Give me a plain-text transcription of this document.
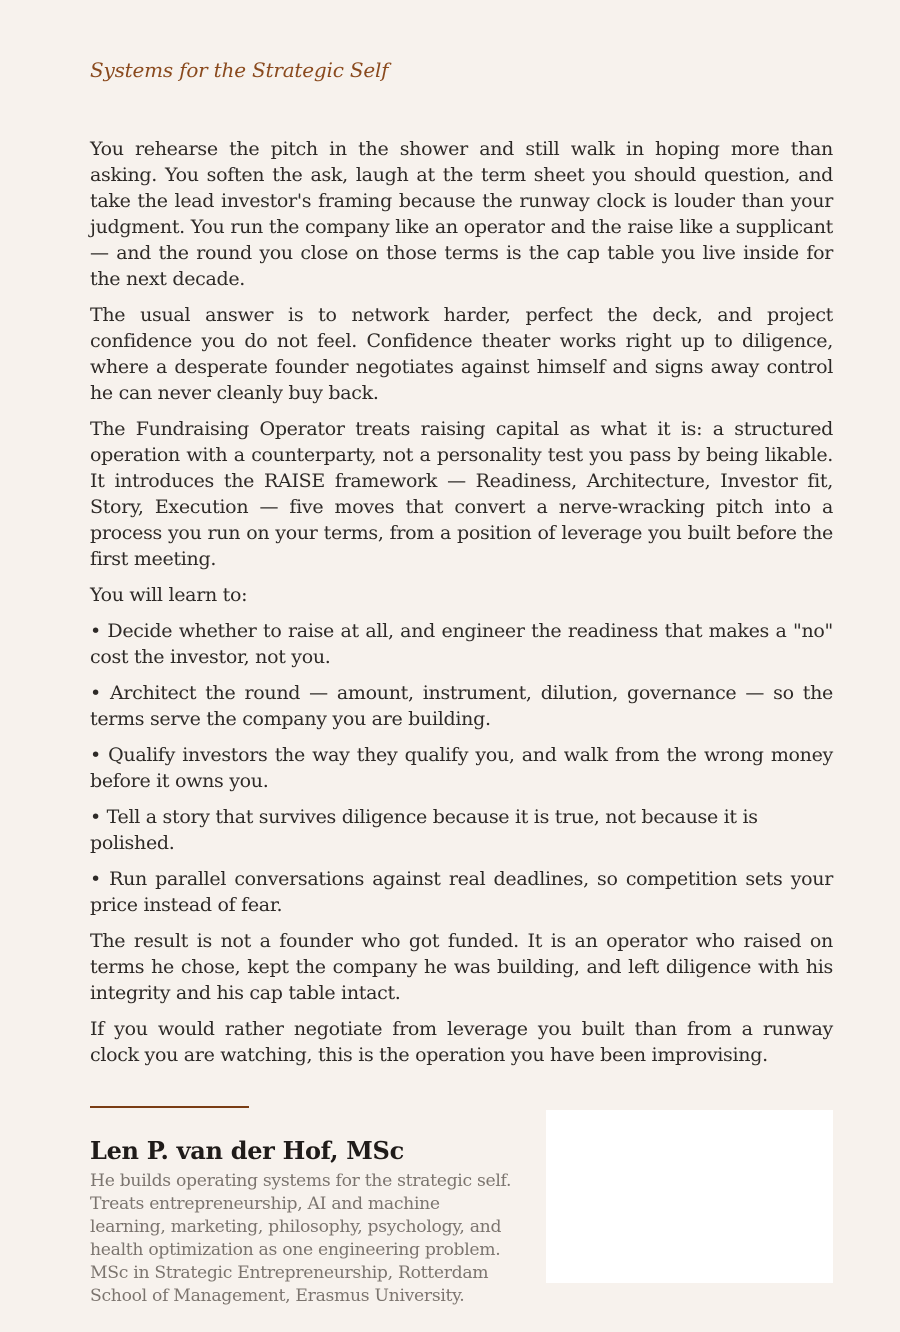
Systems for the Strategic Self

You rehearse the pitch in the shower and still walk in hoping more than asking. You soften the ask, laugh at the term sheet you should question, and take the lead investor's framing because the runway clock is louder than your judgment. You run the company like an operator and the raise like a supplicant — and the round you close on those terms is the cap table you live inside for the next decade.

The usual answer is to network harder, perfect the deck, and project confidence you do not feel. Confidence theater works right up to diligence, where a desperate founder negotiates against himself and signs away control he can never cleanly buy back.

The Fundraising Operator treats raising capital as what it is: a structured operation with a counterparty, not a personality test you pass by being likable. It introduces the RAISE framework — Readiness, Architecture, Investor fit, Story, Execution — five moves that convert a nerve-wracking pitch into a process you run on your terms, from a position of leverage you built before the first meeting.

You will learn to:

• Decide whether to raise at all, and engineer the readiness that makes a "no" cost the investor, not you.

• Architect the round — amount, instrument, dilution, governance — so the terms serve the company you are building.

• Qualify investors the way they qualify you, and walk from the wrong money before it owns you.

• Tell a story that survives diligence because it is true, not because it is polished.

• Run parallel conversations against real deadlines, so competition sets your price instead of fear.

The result is not a founder who got funded. It is an operator who raised on terms he chose, kept the company he was building, and left diligence with his integrity and his cap table intact.

If you would rather negotiate from leverage you built than from a runway clock you are watching, this is the operation you have been improvising.

Len P. van der Hof, MSc
He builds operating systems for the strategic self. Treats entrepreneurship, AI and machine learning, marketing, philosophy, psychology, and health optimization as one engineering problem. MSc in Strategic Entrepreneurship, Rotterdam School of Management, Erasmus University.
